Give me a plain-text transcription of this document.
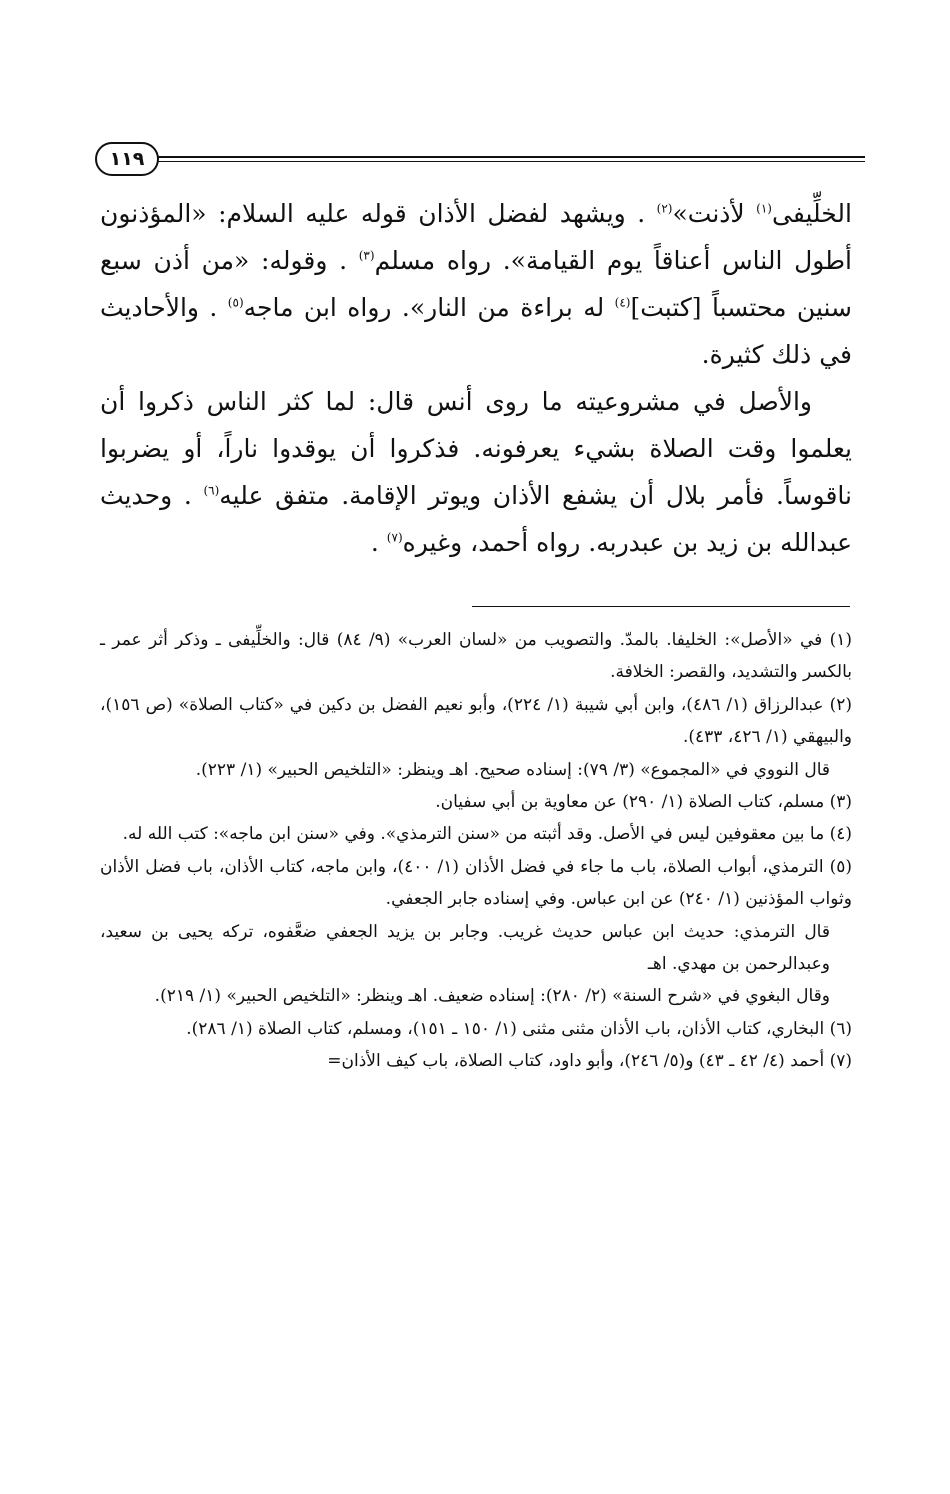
١١٩

الخلِّيفى$^{(١)}$ لأذنت»$^{(٢)}$ . ويشهد لفضل الأذان قوله عليه السلام: «المؤذنون أطول الناس أعناقاً يوم القيامة». رواه مسلم$^{(٣)}$ . وقوله: «من أذن سبع سنين محتسباً [كتبت]$^{(٤)}$ له براءة من النار». رواه ابن ماجه$^{(٥)}$ . والأحاديث في ذلك كثيرة.

والأصل في مشروعيته ما روى أنس قال: لما كثر الناس ذكروا أن يعلموا وقت الصلاة بشيء يعرفونه. فذكروا أن يوقدوا ناراً، أو يضربوا ناقوساً. فأمر بلال أن يشفع الأذان ويوتر الإقامة. متفق عليه$^{(٦)}$ . وحديث عبدالله بن زيد بن عبدربه. رواه أحمد، وغيره$^{(٧)}$ .

(١) في «الأصل»: الخليفا. بالمدّ. والتصويب من «لسان العرب» (٩/ ٨٤) قال: والخلِّيفى ـ وذكر أثر عمر ـ بالكسر والتشديد، والقصر: الخلافة.

(٢) عبدالرزاق (١/ ٤٨٦)، وابن أبي شيبة (١/ ٢٢٤)، وأبو نعيم الفضل بن دكين في «كتاب الصلاة» (ص ١٥٦)، والبيهقي (١/ ٤٢٦، ٤٣٣).

قال النووي في «المجموع» (٣/ ٧٩): إسناده صحيح. اهـ وينظر: «التلخيص الحبير» (١/ ٢٢٣).

(٣) مسلم، كتاب الصلاة (١/ ٢٩٠) عن معاوية بن أبي سفيان.

(٤) ما بين معقوفين ليس في الأصل. وقد أثبته من «سنن الترمذي». وفي «سنن ابن ماجه»: كتب الله له.

(٥) الترمذي، أبواب الصلاة، باب ما جاء في فضل الأذان (١/ ٤٠٠)، وابن ماجه، كتاب الأذان، باب فضل الأذان وثواب المؤذنين (١/ ٢٤٠) عن ابن عباس. وفي إسناده جابر الجعفي.

قال الترمذي: حديث ابن عباس حديث غريب. وجابر بن يزيد الجعفي ضعَّفوه، تركه يحيى بن سعيد، وعبدالرحمن بن مهدي. اهـ

وقال البغوي في «شرح السنة» (٢/ ٢٨٠): إسناده ضعيف. اهـ وينظر: «التلخيص الحبير» (١/ ٢١٩).

(٦) البخاري، كتاب الأذان، باب الأذان مثنى مثنى (١/ ١٥٠ ـ ١٥١)، ومسلم، كتاب الصلاة (١/ ٢٨٦).

(٧) أحمد (٤/ ٤٢ ـ ٤٣) و(٥/ ٢٤٦)، وأبو داود، كتاب الصلاة، باب كيف الأذان=
